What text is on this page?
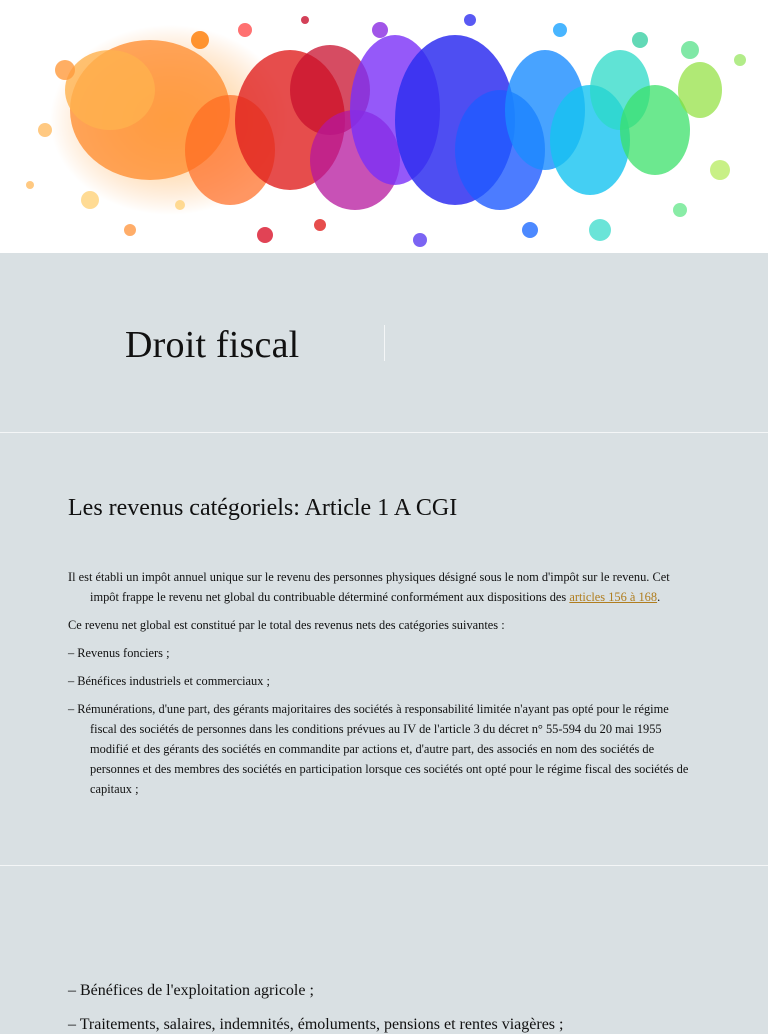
Droit fiscal
Les revenus catégoriels: Article 1 A CGI

Il est établi un impôt annuel unique sur le revenu des personnes physiques désigné sous le nom d'impôt sur le revenu. Cet impôt frappe le revenu net global du contribuable déterminé conformément aux dispositions des articles 156 à 168.

Ce revenu net global est constitué par le total des revenus nets des catégories suivantes :

– Revenus fonciers ;

– Bénéfices industriels et commerciaux ;

– Rémunérations, d'une part, des gérants majoritaires des sociétés à responsabilité limitée n'ayant pas opté pour le régime fiscal des sociétés de personnes dans les conditions prévues au IV de l'article 3 du décret n° 55-594 du 20 mai 1955 modifié et des gérants des sociétés en commandite par actions et, d'autre part, des associés en nom des sociétés de personnes et des membres des sociétés en participation lorsque ces sociétés ont opté pour le régime fiscal des sociétés de capitaux ;

– Bénéfices de l'exploitation agricole ;

– Traitements, salaires, indemnités, émoluments, pensions et rentes viagères ;
